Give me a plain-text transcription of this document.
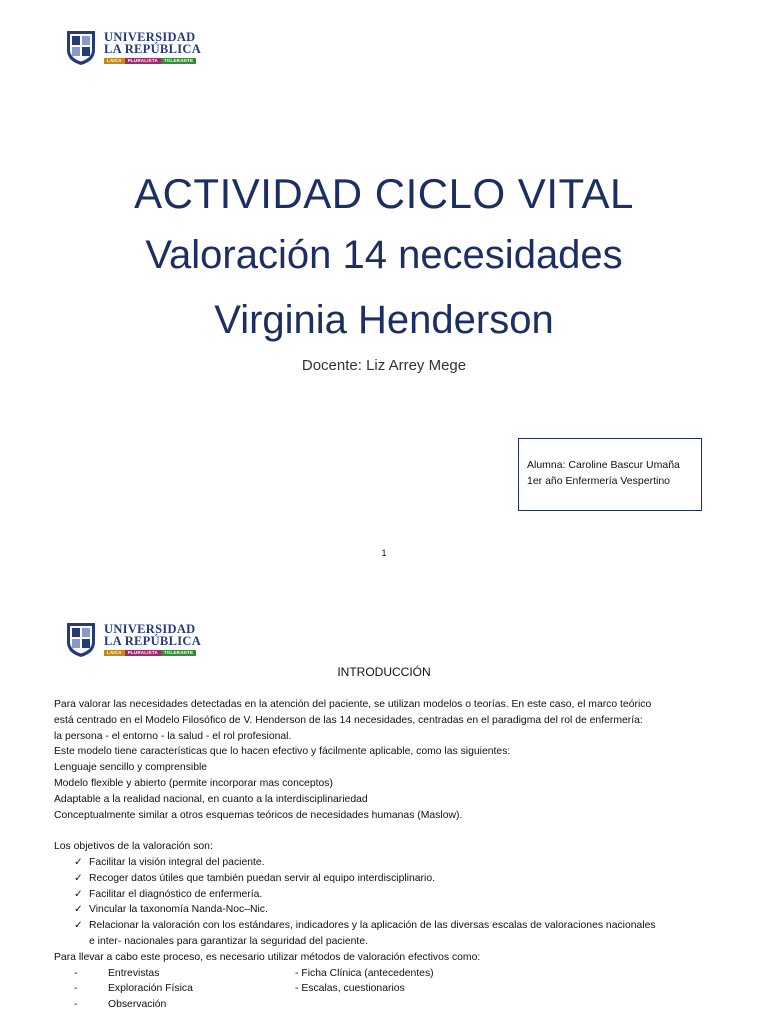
UNIVERSIDAD
LA REPÚBLICA
LAICA	PLURALISTA	TOLERANTE
ACTIVIDAD CICLO VITAL
Valoración 14 necesidades
Virginia Henderson
Docente: Liz Arrey Mege
Alumna: Caroline Bascur Umaña
1er año Enfermería Vespertino
1
UNIVERSIDAD
LA REPÚBLICA
LAICA	PLURALISTA	TOLERANTE
INTRODUCCIÓN

Para valorar las necesidades detectadas en la atención del paciente, se utilizan modelos o teorías. En este caso, el marco teórico

está centrado en el Modelo Filosófico de V. Henderson de las 14 necesidades, centradas en el paradigma del rol de enfermería:

la persona - el entorno - la salud - el rol profesional.

Este modelo tiene características que lo hacen efectivo y fácilmente aplicable, como las siguientes:

Lenguaje sencillo y comprensible

Modelo flexible y abierto (permite incorporar mas conceptos)

Adaptable a la realidad nacional, en cuanto a la interdisciplinariedad

Conceptualmente similar a otros esquemas teóricos de necesidades humanas (Maslow).

Los objetivos de la valoración son:

✓ Facilitar la visión integral del paciente.
✓ Recoger datos útiles que también puedan servir al equipo interdisciplinario.
✓ Facilitar el diagnóstico de enfermería.
✓ Vincular la taxonomía Nanda-Noc–Nic.
✓ Relacionar la valoración con los estándares, indicadores y la aplicación de las diversas escalas de valoraciones nacionales
e inter- nacionales para garantizar la seguridad del paciente.

Para llevar a cabo este proceso, es necesario utilizar métodos de valoración efectivos como:

-	Entrevistas	- Ficha Clínica (antecedentes)
-	Exploración Física	- Escalas, cuestionarios
-	Observación
